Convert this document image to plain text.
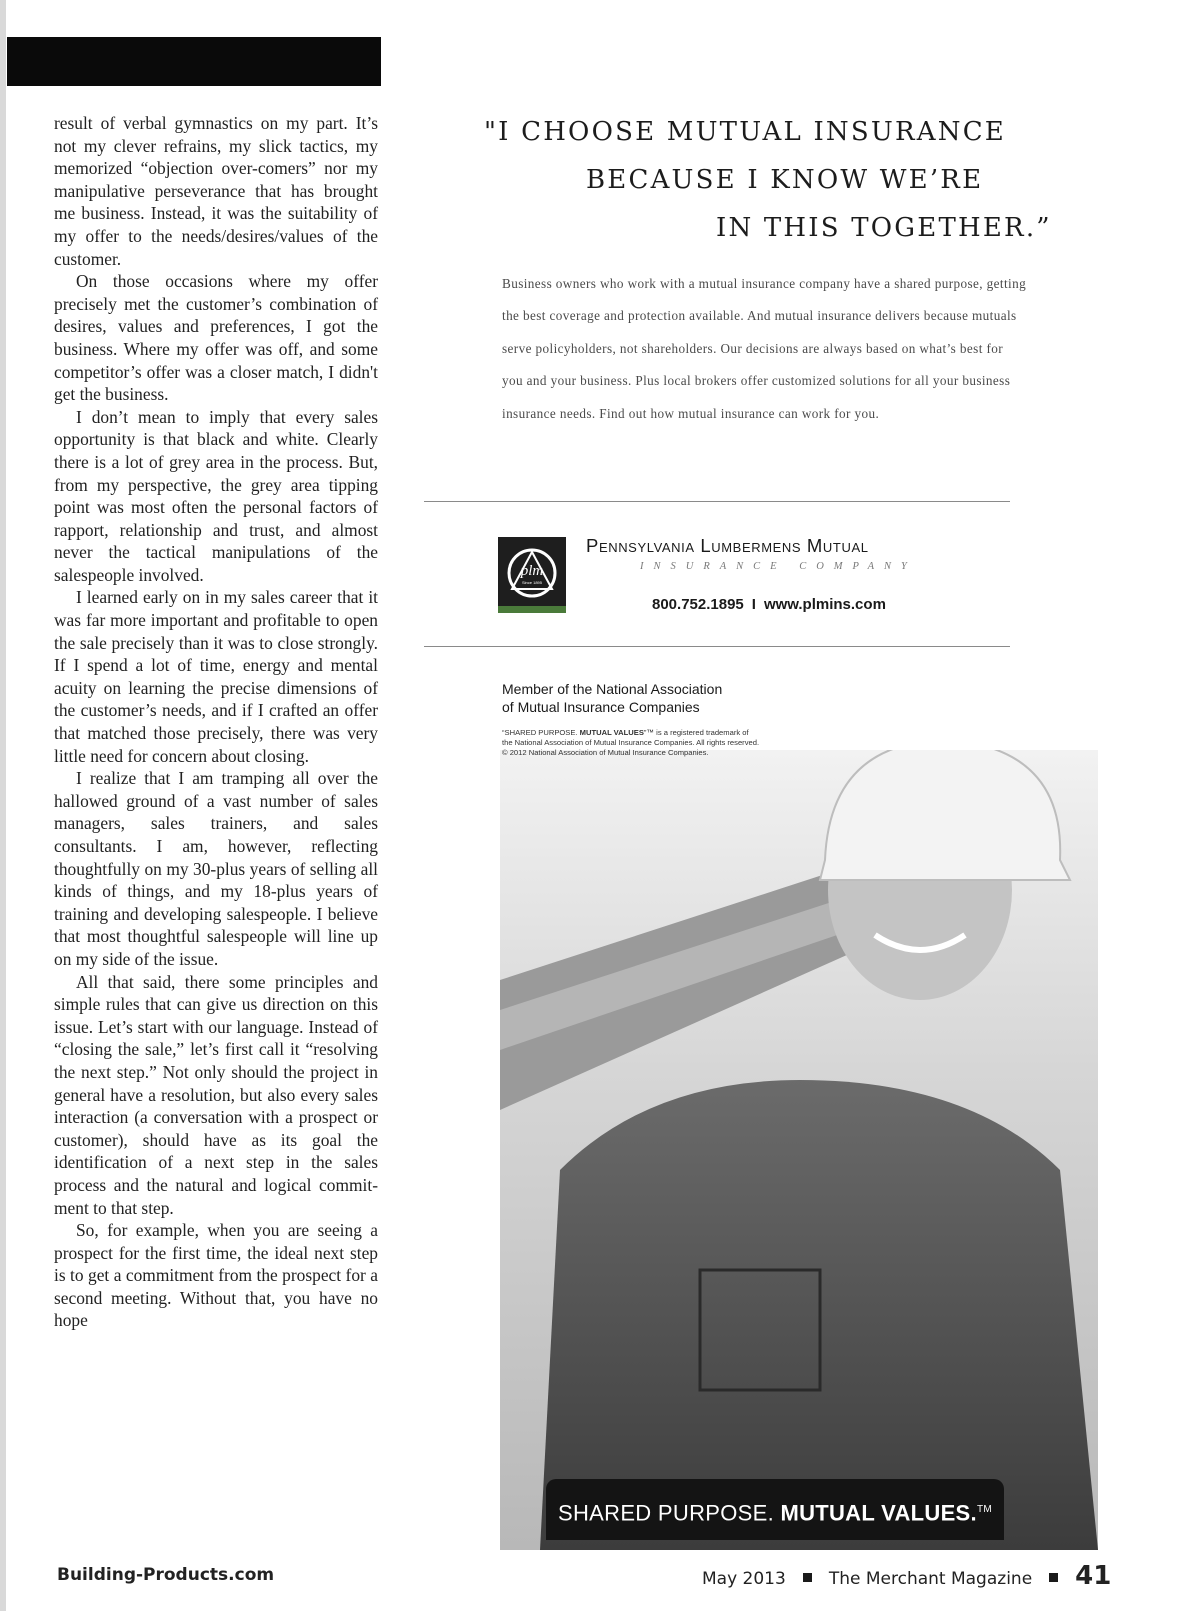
result of verbal gymnastics on my part. It’s not my clever refrains, my slick tactics, my memorized “objection over-comers” nor my manipulative perseverance that has brought me business. Instead, it was the suitability of my offer to the needs/desires/values of the customer.

On those occasions where my offer precisely met the customer’s combination of desires, values and preferences, I got the business. Where my offer was off, and some competitor’s offer was a closer match, I didn't get the business.

I don’t mean to imply that every sales opportunity is that black and white. Clearly there is a lot of grey area in the process. But, from my perspective, the grey area tipping point was most often the personal factors of rapport, relationship and trust, and almost never the tactical manipulations of the salespeople involved.

I learned early on in my sales career that it was far more important and profitable to open the sale precisely than it was to close strongly. If I spend a lot of time, energy and mental acuity on learning the precise dimensions of the customer’s needs, and if I crafted an offer that matched those precisely, there was very little need for concern about closing.

I realize that I am tramping all over the hallowed ground of a vast number of sales managers, sales trainers, and sales consultants. I am, however, reflecting thoughtfully on my 30-plus years of selling all kinds of things, and my 18-plus years of training and developing salespeople. I believe that most thoughtful salespeople will line up on my side of the issue.

All that said, there some principles and simple rules that can give us direction on this issue. Let’s start with our language. Instead of “closing the sale,” let’s first call it “resolving the next step.” Not only should the project in general have a resolution, but also every sales interaction (a conversation with a prospect or customer), should have as its goal the identification of a next step in the sales process and the natural and logical commitment to that step.

So, for example, when you are seeing a prospect for the first time, the ideal next step is to get a commitment from the prospect for a second meeting. Without that, you have no hope

"I CHOOSE MUTUAL INSURANCE
BECAUSE I KNOW WE’RE
IN THIS TOGETHER.”
Business owners who work with a mutual insurance company have a shared purpose, getting the best coverage and protection available. And mutual insurance delivers because mutuals serve policyholders, not shareholders. Our decisions are always based on what’s best for you and your business. Plus local brokers offer customized solutions for all your business insurance needs. Find out how mutual insurance can work for you.
plm
Since 1895
Pennsylvania Lumbermens Mutual
INSURANCE COMPANY
800.752.1895 I www.plmins.com
Member of the National Association
of Mutual Insurance Companies
“SHARED PURPOSE. MUTUAL VALUES”™ is a registered trademark of
the National Association of Mutual Insurance Companies. All rights reserved.
© 2012 National Association of Mutual Insurance Companies.
SHARED PURPOSE. MUTUAL VALUES.™
Building-Products.com	May 2013	The Merchant Magazine 41
